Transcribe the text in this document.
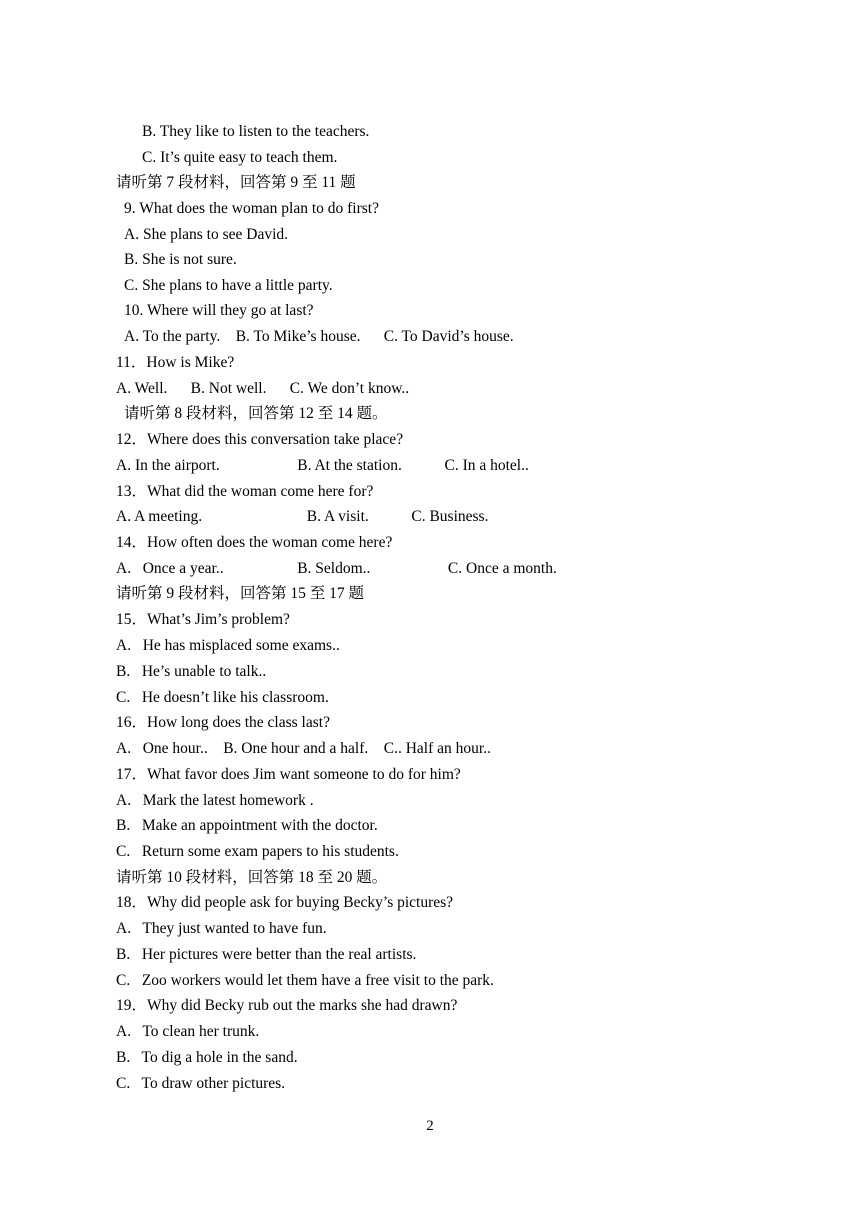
B. They like to listen to the teachers.
C. It’s quite easy to teach them.
请听第 7 段材料，回答第 9 至 11 题
9. What does the woman plan to do first?
A. She plans to see David.
B. She is not sure.
C. She plans to have a little party.
10. Where will they go at last?
A. To the party.    B. To Mike’s house.      C. To David’s house.
11．How is Mike?
A. Well.      B. Not well.      C. We don’t know..
请听第 8 段材料，回答第 12 至 14 题。
12．Where does this conversation take place?
A. In the airport.                    B. At the station.           C. In a hotel..
13．What did the woman come here for?
A. A meeting.                           B. A visit.           C. Business.
14．How often does the woman come here?
A.   Once a year..                   B. Seldom..                    C. Once a month.
请听第 9 段材料，回答第 15 至 17 题
15．What’s Jim’s problem?
A.   He has misplaced some exams..
B.   He’s unable to talk..
C.   He doesn’t like his classroom.
16．How long does the class last?
A.   One hour..    B. One hour and a half.    C.. Half an hour..
17．What favor does Jim want someone to do for him?
A.   Mark the latest homework .
B.   Make an appointment with the doctor.
C.   Return some exam papers to his students.
请听第 10 段材料，回答第 18 至 20 题。
18．Why did people ask for buying Becky’s pictures?
A.   They just wanted to have fun.
B.   Her pictures were better than the real artists.
C.   Zoo workers would let them have a free visit to the park.
19．Why did Becky rub out the marks she had drawn?
A.   To clean her trunk.
B.   To dig a hole in the sand.
C.   To draw other pictures.
2
